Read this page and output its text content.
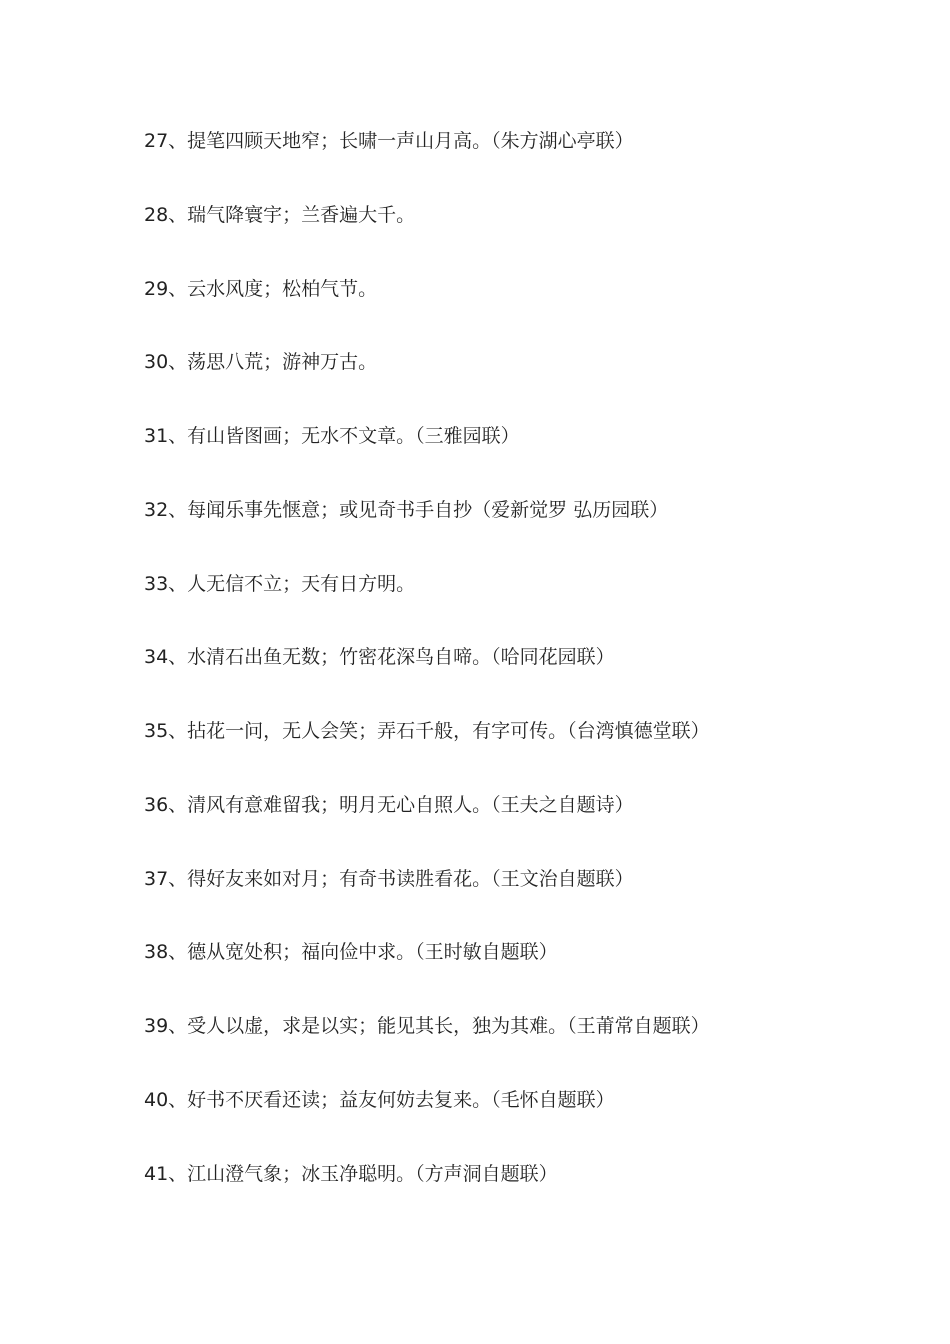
27、提笔四顾天地窄；长啸一声山月高。（朱方湖心亭联）
28、瑞气降寰宇；兰香遍大千。
29、云水风度；松柏气节。
30、荡思八荒；游神万古。
31、有山皆图画；无水不文章。（三雅园联）
32、每闻乐事先惬意；或见奇书手自抄（爱新觉罗 弘历园联）
33、人无信不立；天有日方明。
34、水清石出鱼无数；竹密花深鸟自啼。（哈同花园联）
35、拈花一问，无人会笑；弄石千般，有字可传。（台湾慎德堂联）
36、清风有意难留我；明月无心自照人。（王夫之自题诗）
37、得好友来如对月；有奇书读胜看花。（王文治自题联）
38、德从宽处积；福向俭中求。（王时敏自题联）
39、受人以虚，求是以实；能见其长，独为其难。（王莆常自题联）
40、好书不厌看还读；益友何妨去复来。（毛怀自题联）
41、江山澄气象；冰玉净聪明。（方声洞自题联）
